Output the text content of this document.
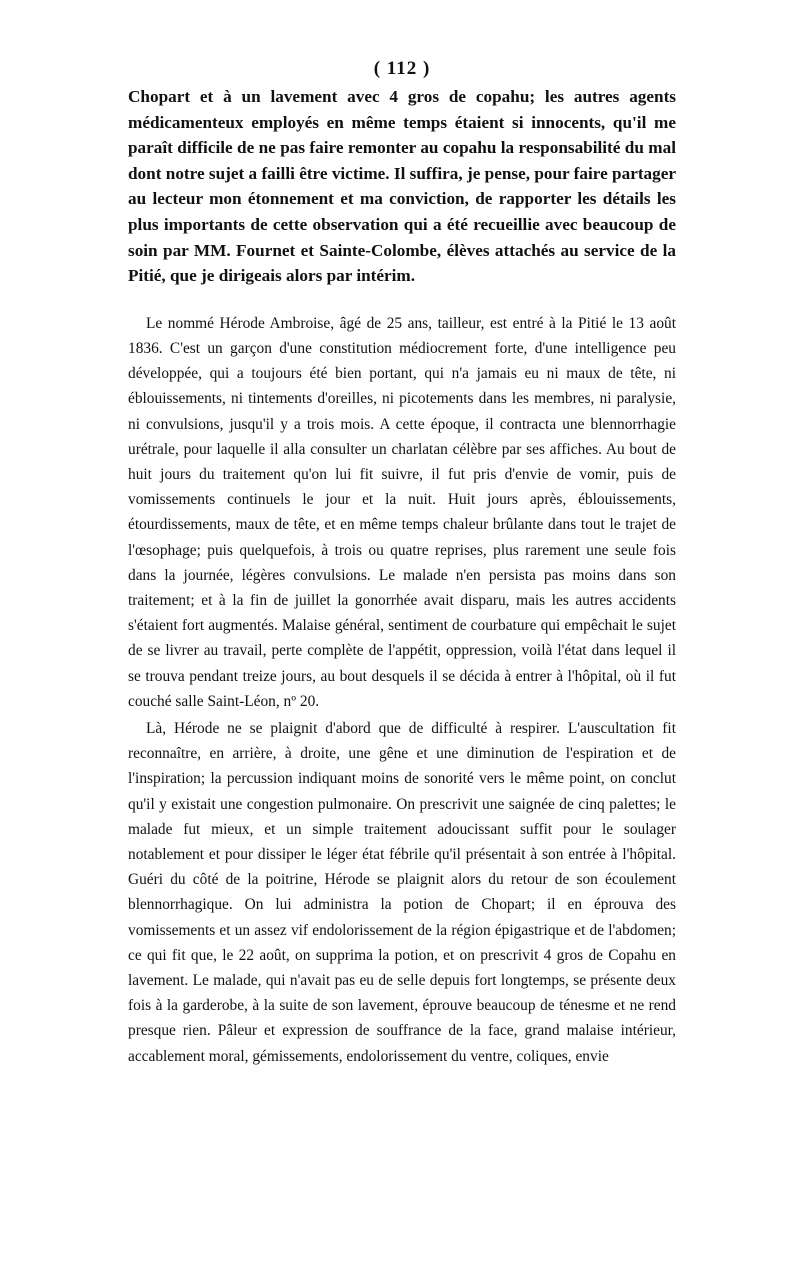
( 112 )

Chopart et à un lavement avec 4 gros de copahu; les autres agents médicamenteux employés en même temps étaient si innocents, qu'il me paraît difficile de ne pas faire remonter au copahu la responsabilité du mal dont notre sujet a failli être victime. Il suffira, je pense, pour faire partager au lecteur mon étonnement et ma conviction, de rapporter les détails les plus importants de cette observation qui a été recueillie avec beaucoup de soin par MM. Fournet et Sainte-Colombe, élèves attachés au service de la Pitié, que je dirigeais alors par intérim.

Le nommé Hérode Ambroise, âgé de 25 ans, tailleur, est entré à la Pitié le 13 août 1836. C'est un garçon d'une constitution médiocrement forte, d'une intelligence peu développée, qui a toujours été bien portant, qui n'a jamais eu ni maux de tête, ni éblouissements, ni tintements d'oreilles, ni picotements dans les membres, ni paralysie, ni convulsions, jusqu'il y a trois mois. A cette époque, il contracta une blennorrhagie urétrale, pour laquelle il alla consulter un charlatan célèbre par ses affiches. Au bout de huit jours du traitement qu'on lui fit suivre, il fut pris d'envie de vomir, puis de vomissements continuels le jour et la nuit. Huit jours après, éblouissements, étourdissements, maux de tête, et en même temps chaleur brûlante dans tout le trajet de l'œsophage; puis quelquefois, à trois ou quatre reprises, plus rarement une seule fois dans la journée, légères convulsions. Le malade n'en persista pas moins dans son traitement; et à la fin de juillet la gonorrhée avait disparu, mais les autres accidents s'étaient fort augmentés. Malaise général, sentiment de courbature qui empêchait le sujet de se livrer au travail, perte complète de l'appétit, oppression, voilà l'état dans lequel il se trouva pendant treize jours, au bout desquels il se décida à entrer à l'hôpital, où il fut couché salle Saint-Léon, nº 20.

Là, Hérode ne se plaignit d'abord que de difficulté à respirer. L'auscultation fit reconnaître, en arrière, à droite, une gêne et une diminution de l'espiration et de l'inspiration; la percussion indiquant moins de sonorité vers le même point, on conclut qu'il y existait une congestion pulmonaire. On prescrivit une saignée de cinq palettes; le malade fut mieux, et un simple traitement adoucissant suffit pour le soulager notablement et pour dissiper le léger état fébrile qu'il présentait à son entrée à l'hôpital. Guéri du côté de la poitrine, Hérode se plaignit alors du retour de son écoulement blennorrhagique. On lui administra la potion de Chopart; il en éprouva des vomissements et un assez vif endolorissement de la région épigastrique et de l'abdomen; ce qui fit que, le 22 août, on supprima la potion, et on prescrivit 4 gros de Copahu en lavement. Le malade, qui n'avait pas eu de selle depuis fort longtemps, se présente deux fois à la garderobe, à la suite de son lavement, éprouve beaucoup de ténesme et ne rend presque rien. Pâleur et expression de souffrance de la face, grand malaise intérieur, accablement moral, gémissements, endolorissement du ventre, coliques, envie
